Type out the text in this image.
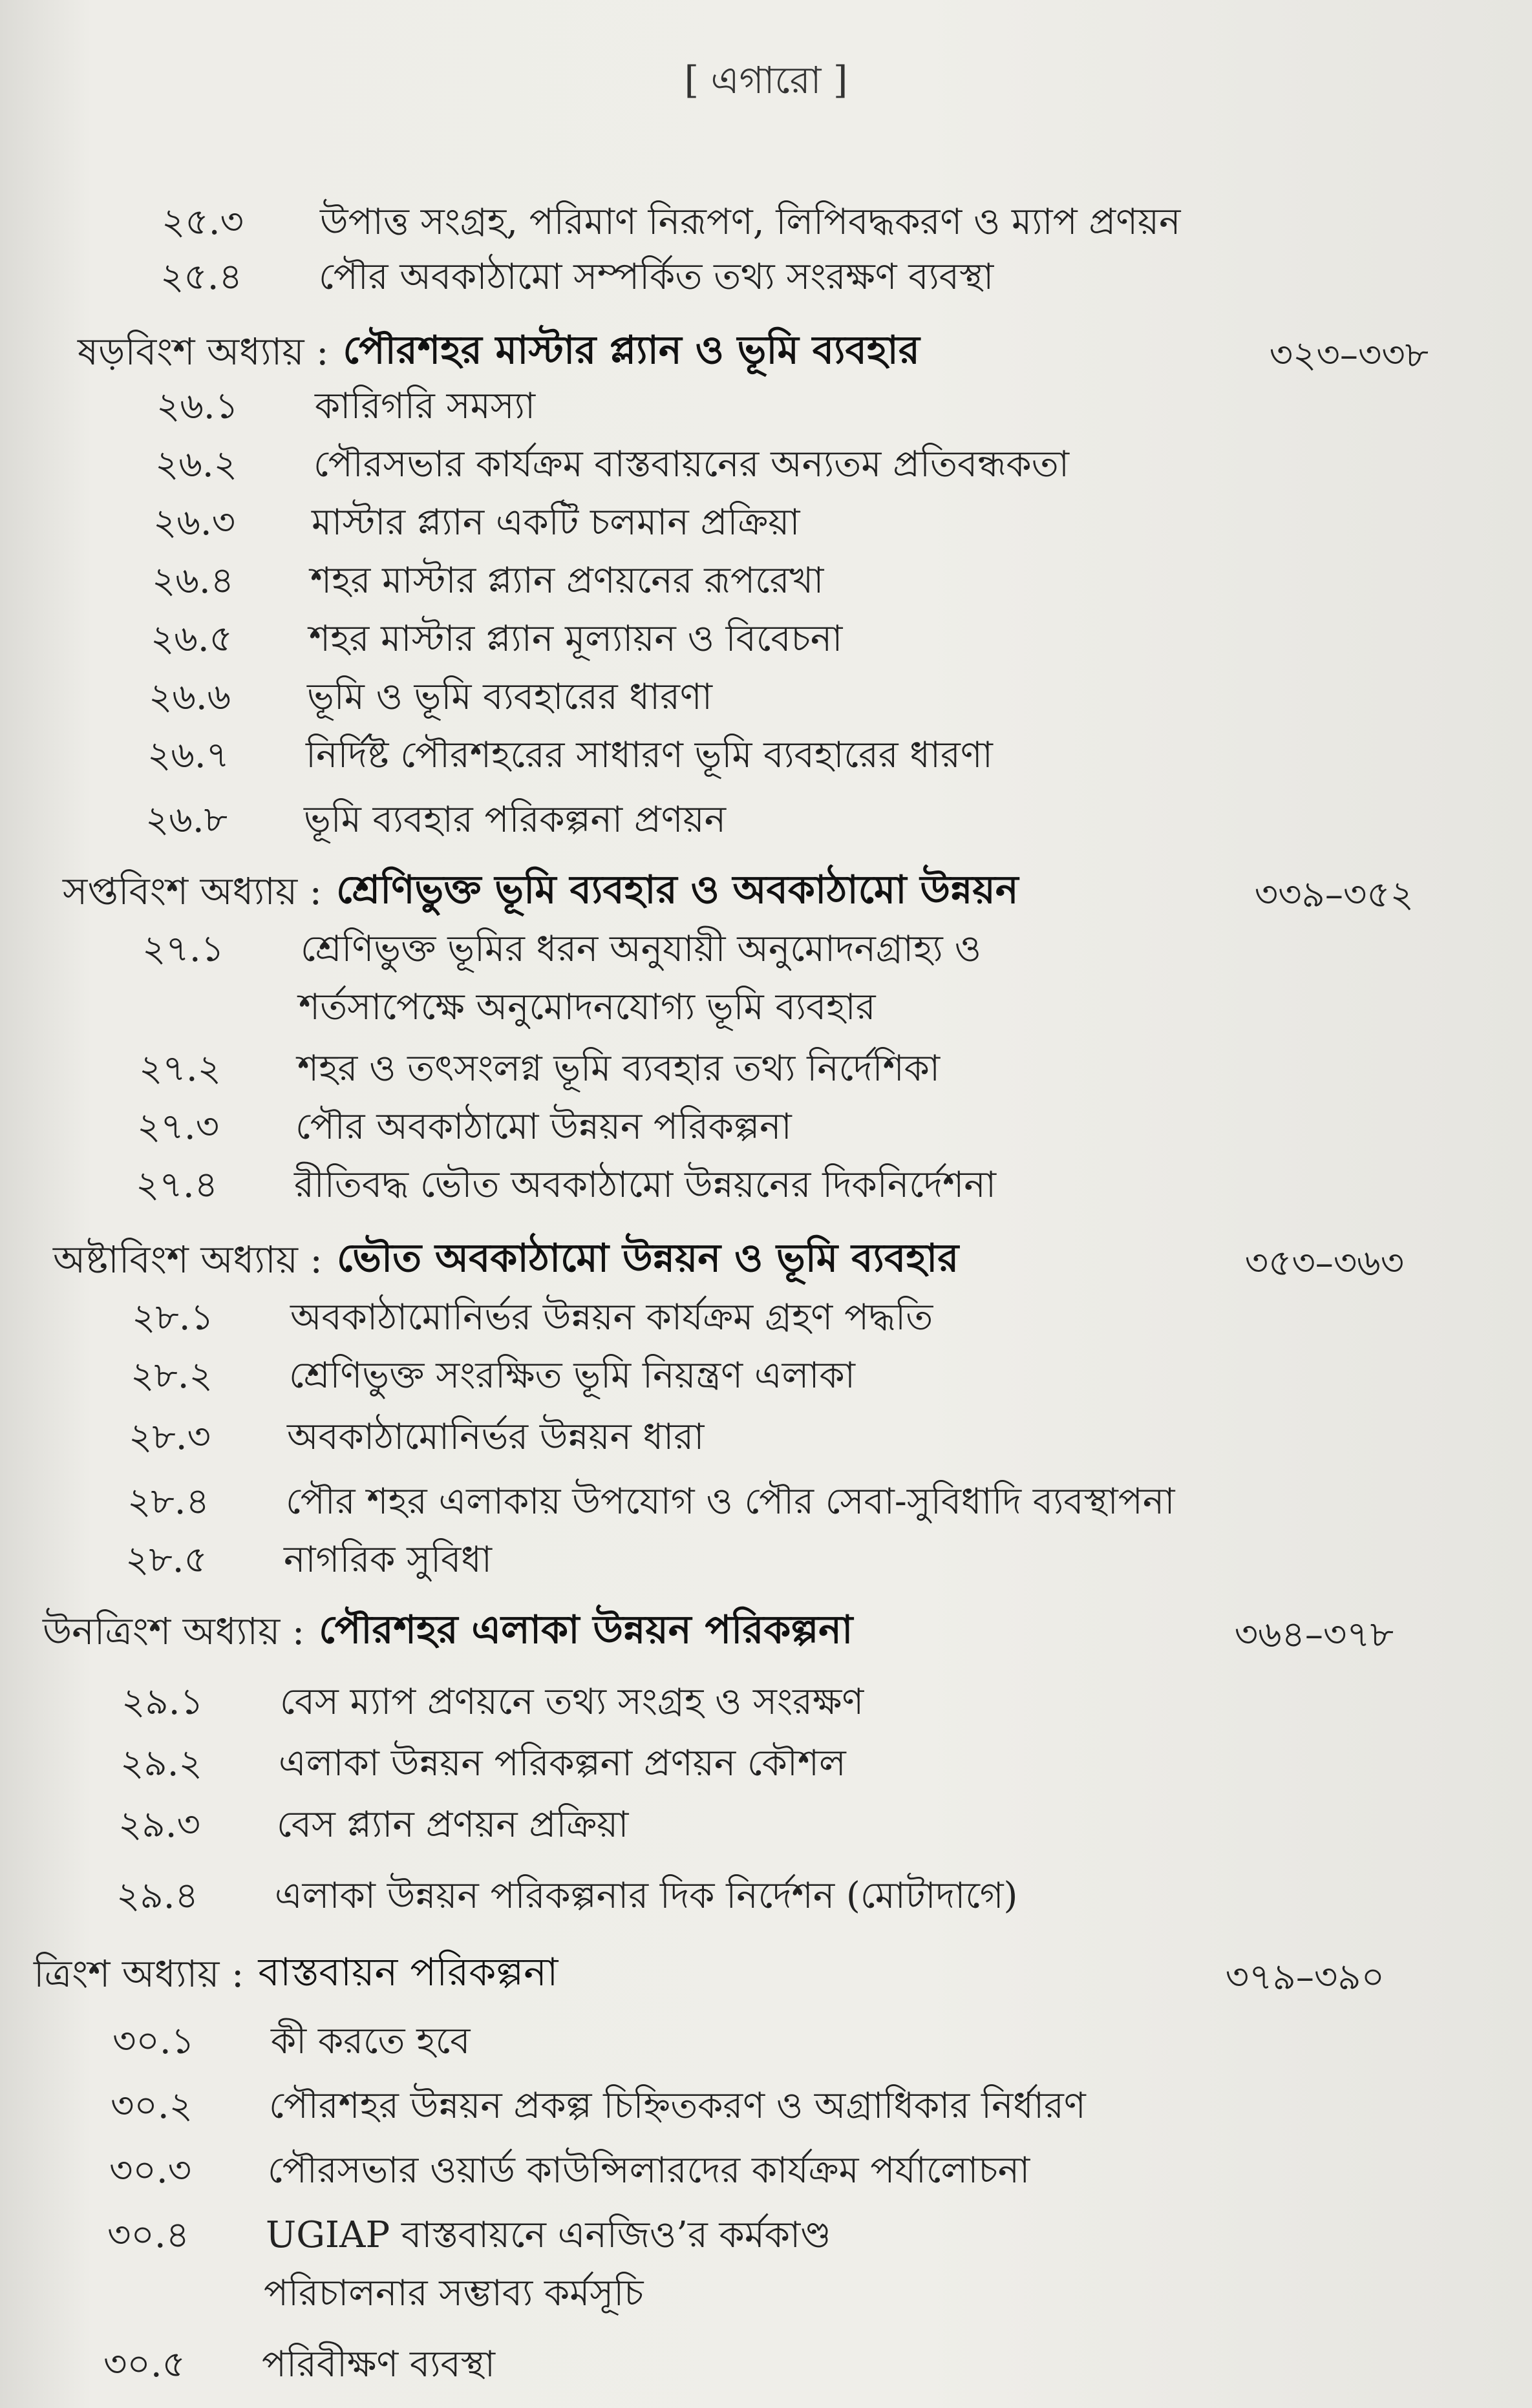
[ এগারো ]
২৫.৩ উপাত্ত সংগ্রহ, পরিমাণ নিরূপণ, লিপিবদ্ধকরণ ও ম্যাপ প্রণয়ন
২৫.৪ পৌর অবকাঠামো সম্পর্কিত তথ্য সংরক্ষণ ব্যবস্থা
ষড়বিংশ অধ্যায় : পৌরশহর মাস্টার প্ল্যান ও ভূমি ব্যবহার	৩২৩–৩৩৮
২৬.১ কারিগরি সমস্যা
২৬.২ পৌরসভার কার্যক্রম বাস্তবায়নের অন্যতম প্রতিবন্ধকতা
২৬.৩ মাস্টার প্ল্যান একটি চলমান প্রক্রিয়া
২৬.৪ শহর মাস্টার প্ল্যান প্রণয়নের রূপরেখা
২৬.৫ শহর মাস্টার প্ল্যান মূল্যায়ন ও বিবেচনা
২৬.৬ ভূমি ও ভূমি ব্যবহারের ধারণা
২৬.৭ নির্দিষ্ট পৌরশহরের সাধারণ ভূমি ব্যবহারের ধারণা
২৬.৮ ভূমি ব্যবহার পরিকল্পনা প্রণয়ন
সপ্তবিংশ অধ্যায় : শ্রেণিভুক্ত ভূমি ব্যবহার ও অবকাঠামো উন্নয়ন	৩৩৯–৩৫২
২৭.১ শ্রেণিভুক্ত ভূমির ধরন অনুযায়ী অনুমোদনগ্রাহ্য ও
শর্তসাপেক্ষে অনুমোদনযোগ্য ভূমি ব্যবহার
২৭.২ শহর ও তৎসংলগ্ন ভূমি ব্যবহার তথ্য নির্দেশিকা
২৭.৩ পৌর অবকাঠামো উন্নয়ন পরিকল্পনা
২৭.৪ রীতিবদ্ধ ভৌত অবকাঠামো উন্নয়নের দিকনির্দেশনা
অষ্টাবিংশ অধ্যায় : ভৌত অবকাঠামো উন্নয়ন ও ভূমি ব্যবহার	৩৫৩–৩৬৩
২৮.১ অবকাঠামোনির্ভর উন্নয়ন কার্যক্রম গ্রহণ পদ্ধতি
২৮.২ শ্রেণিভুক্ত সংরক্ষিত ভূমি নিয়ন্ত্রণ এলাকা
২৮.৩ অবকাঠামোনির্ভর উন্নয়ন ধারা
২৮.৪ পৌর শহর এলাকায় উপযোগ ও পৌর সেবা-সুবিধাদি ব্যবস্থাপনা
২৮.৫ নাগরিক সুবিধা
উনত্রিংশ অধ্যায় : পৌরশহর এলাকা উন্নয়ন পরিকল্পনা	৩৬৪–৩৭৮
২৯.১ বেস ম্যাপ প্রণয়নে তথ্য সংগ্রহ ও সংরক্ষণ
২৯.২ এলাকা উন্নয়ন পরিকল্পনা প্রণয়ন কৌশল
২৯.৩ বেস প্ল্যান প্রণয়ন প্রক্রিয়া
২৯.৪ এলাকা উন্নয়ন পরিকল্পনার দিক নির্দেশন (মোটাদাগে)
ত্রিংশ অধ্যায় : বাস্তবায়ন পরিকল্পনা	৩৭৯–৩৯০
৩০.১ কী করতে হবে
৩০.২ পৌরশহর উন্নয়ন প্রকল্প চিহ্নিতকরণ ও অগ্রাধিকার নির্ধারণ
৩০.৩ পৌরসভার ওয়ার্ড কাউন্সিলারদের কার্যক্রম পর্যালোচনা
৩০.৪ UGIAP বাস্তবায়নে এনজিও’র কর্মকাণ্ড
পরিচালনার সম্ভাব্য কর্মসূচি
৩০.৫ পরিবীক্ষণ ব্যবস্থা
